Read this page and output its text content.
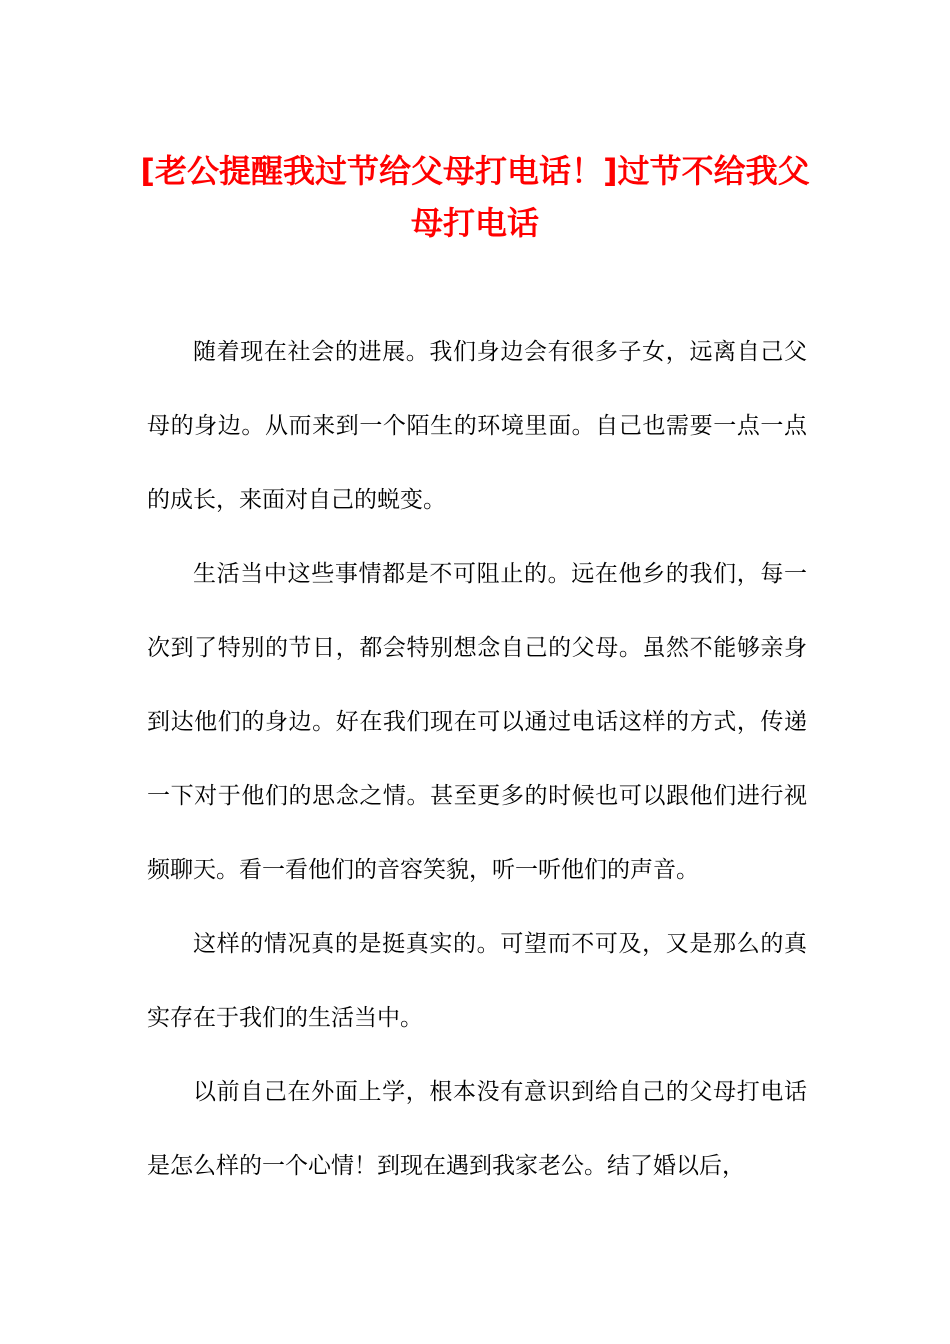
[老公提醒我过节给父母打电话！]过节不给我父母打电话

随着现在社会的进展。我们身边会有很多子女，远离自己父母的身边。从而来到一个陌生的环境里面。自己也需要一点一点的成长，来面对自己的蜕变。

生活当中这些事情都是不可阻止的。远在他乡的我们，每一次到了特别的节日，都会特别想念自己的父母。虽然不能够亲身到达他们的身边。好在我们现在可以通过电话这样的方式，传递一下对于他们的思念之情。甚至更多的时候也可以跟他们进行视频聊天。看一看他们的音容笑貌，听一听他们的声音。

这样的情况真的是挺真实的。可望而不可及，又是那么的真实存在于我们的生活当中。

以前自己在外面上学，根本没有意识到给自己的父母打电话是怎么样的一个心情！到现在遇到我家老公。结了婚以后，
